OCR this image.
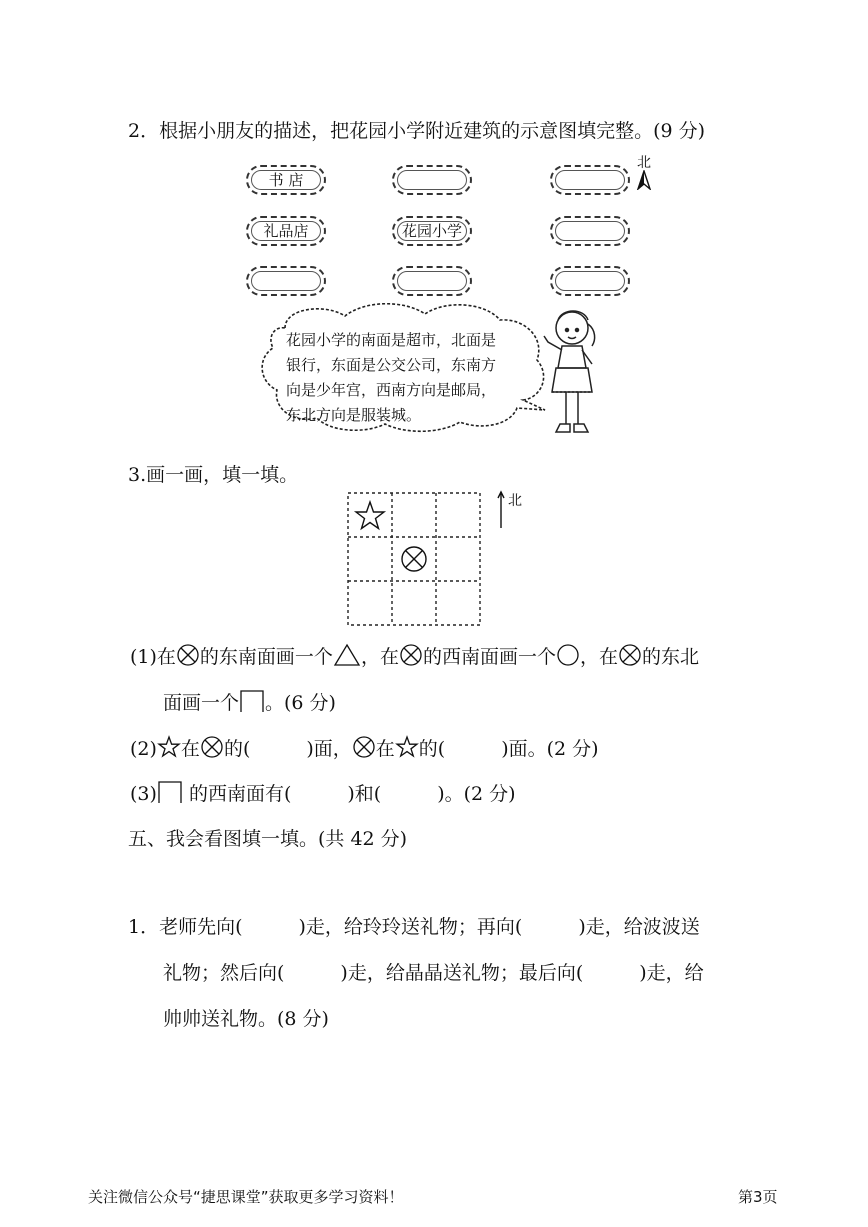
2．根据小朋友的描述，把花园小学附近建筑的示意图填完整。(9 分)
北
书 店
礼品店	花园小学
花园小学的南面是超市，北面是
银行，东面是公交公司，东南方
向是少年宫，西南方向是邮局，
东北方向是服装城。
3.画一画，填一填。
北
(1)在 的东南面画一个 ，在 的西南面画一个 ，在 的东北
面画一个 。(6 分)
(2) 在 的(	)面， 在 的(	)面。(2 分)
(3) 的西南面有(	)和(	)。(2 分)
五、我会看图填一填。(共 42 分)
1．老师先向(	)走，给玲玲送礼物；再向(	)走，给波波送
礼物；然后向(	)走，给晶晶送礼物；最后向(	)走，给
帅帅送礼物。(8 分)
关注微信公众号“捷思课堂”获取更多学习资料！	第3页
